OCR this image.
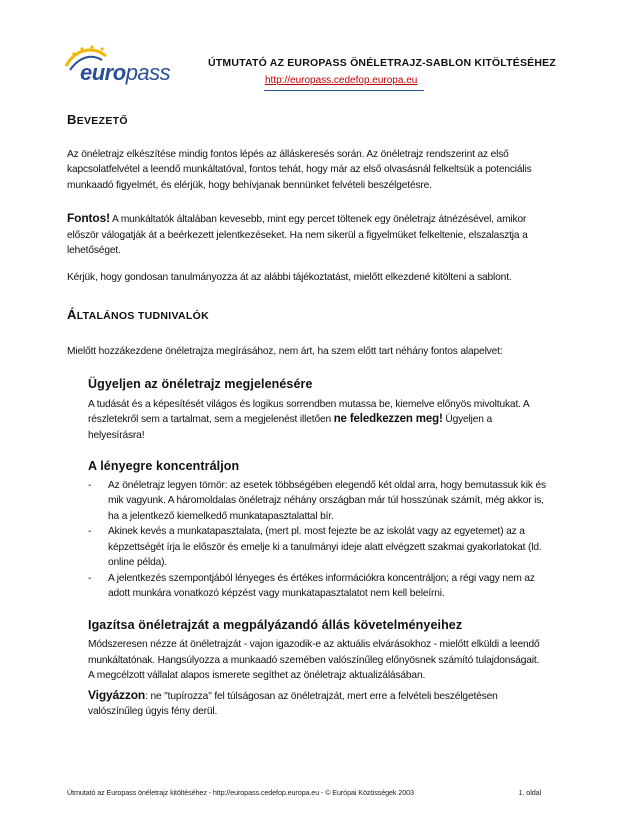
europass	ÚTMUTATÓ AZ EUROPASS ÖNÉLETRAJZ-SABLON KITÖLTÉSÉHEZ
http://europass.cedefop.europa.eu
BEVEZETŐ

Az önéletrajz elkészítése mindig fontos lépés az álláskeresés során. Az önéletrajz rendszerint az első kapcsolatfelvétel a leendő munkáltatóval, fontos tehát, hogy már az első olvasásnál felkeltsük a potenciális munkaadó figyelmét, és elérjük, hogy behívjanak bennünket felvételi beszélgetésre.

Fontos! A munkáltatók általában kevesebb, mint egy percet töltenek egy önéletrajz átnézésével, amikor először válogatják át a beérkezett jelentkezéseket. Ha nem sikerül a figyelmüket felkeltenie, elszalasztja a lehetőséget.

Kérjük, hogy gondosan tanulmányozza át az alábbi tájékoztatást, mielőtt elkezdené kitölteni a sablont.

ÁLTALÁNOS TUDNIVALÓK

Mielőtt hozzákezdene önéletrajza megírásához, nem árt, ha szem előtt tart néhány fontos alapelvet:

Ügyeljen az önéletrajz megjelenésére

A tudását és a képesítését világos és logikus sorrendben mutassa be, kiemelve előnyös mivoltukat. A részletekről sem a tartalmat, sem a megjelenést illetően ne feledkezzen meg! Ügyeljen a helyesírásra!

A lényegre koncentráljon
- Az önéletrajz legyen tömör: az esetek többségében elegendő két oldal arra, hogy bemutassuk kik és mik vagyunk. A háromoldalas önéletrajz néhány országban már túl hosszúnak számít, még akkor is, ha a jelentkező kiemelkedő munkatapasztalattal bír.
- Akinek kevés a munkatapasztalata, (mert pl. most fejezte be az iskolát vagy az egyetemet) az a képzettségét írja le először és emelje ki a tanulmányi ideje alatt elvégzett szakmai gyakorlatokat (ld. online példa).
- A jelentkezés szempontjából lényeges és értékes információkra koncentráljon; a régi vagy nem az adott munkára vonatkozó képzést vagy munkatapasztalatot nem kell beleírni.
Igazítsa önéletrajzát a megpályázandó állás követelményeihez

Módszeresen nézze át önéletrajzát - vajon igazodik-e az aktuális elvárásokhoz - mielőtt elküldi a leendő munkáltatónak. Hangsúlyozza a munkaadó szemében valószínűleg előnyösnek számító tulajdonságait. A megcélzott vállalat alapos ismerete segíthet az önéletrajz aktualizálásában.

Vigyázzon: ne "tupírozza" fel túlságosan az önéletrajzát, mert erre a felvételi beszélgetésen valószínűleg úgyis fény derül.

Útmutató az Europass önéletrajz kitöltéséhez - http://europass.cedefop.europa.eu - © Európai Közösségek 2003	1. oldal
